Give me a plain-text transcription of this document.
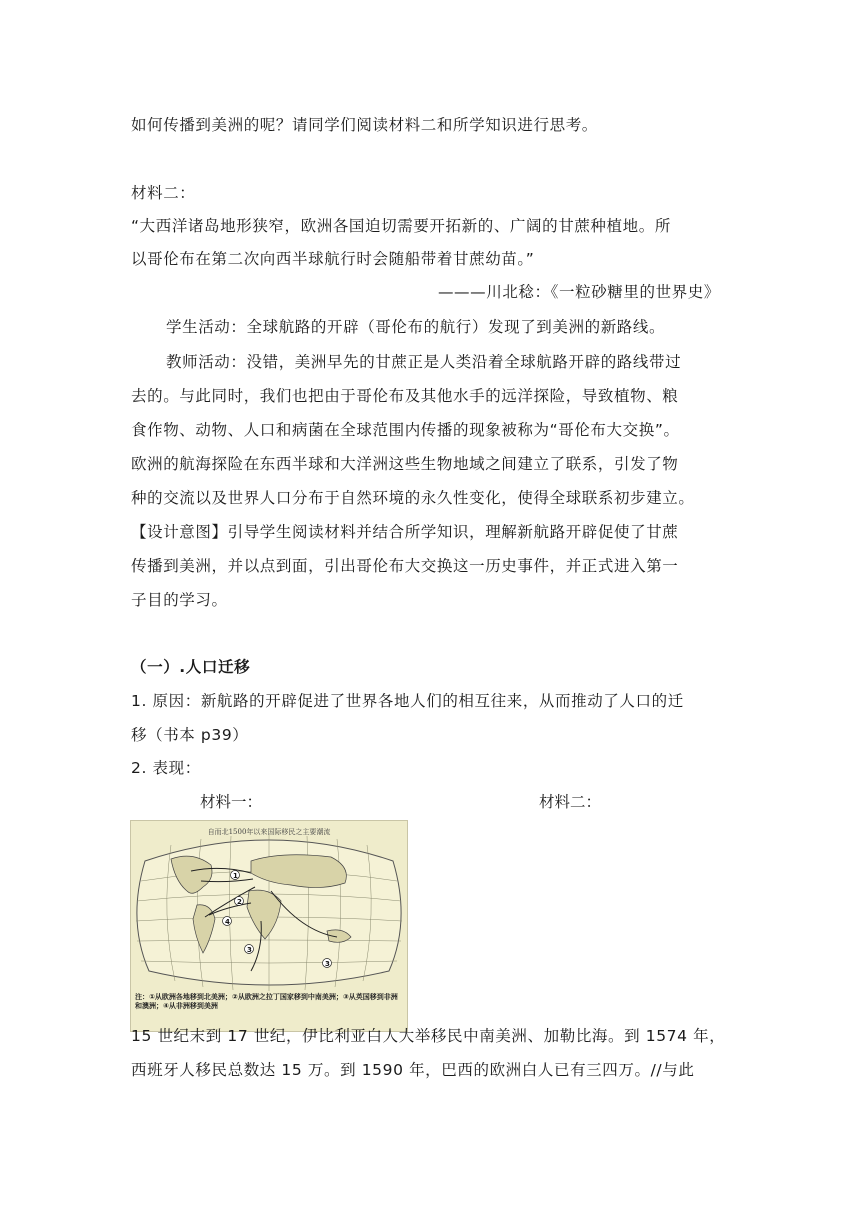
如何传播到美洲的呢？请同学们阅读材料二和所学知识进行思考。
材料二：
“大西洋诸岛地形狭窄，欧洲各国迫切需要开拓新的、广阔的甘蔗种植地。所
以哥伦布在第二次向西半球航行时会随船带着甘蔗幼苗。”
———川北稔：《一粒砂糖里的世界史》
学生活动：全球航路的开辟（哥伦布的航行）发现了到美洲的新路线。
教师活动：没错，美洲早先的甘蔗正是人类沿着全球航路开辟的路线带过
去的。与此同时，我们也把由于哥伦布及其他水手的远洋探险，导致植物、粮
食作物、动物、人口和病菌在全球范围内传播的现象被称为“哥伦布大交换”。
欧洲的航海探险在东西半球和大洋洲这些生物地域之间建立了联系，引发了物
种的交流以及世界人口分布于自然环境的永久性变化，使得全球联系初步建立。
【设计意图】引导学生阅读材料并结合所学知识，理解新航路开辟促使了甘蔗
传播到美洲，并以点到面，引出哥伦布大交换这一历史事件，并正式进入第一
子目的学习。
（一）.人口迁移
1. 原因：新航路的开辟促进了世界各地人们的相互往来，从而推动了人口的迁
移（书本 p39）
2. 表现：
材料一：	材料二：
自而北1500年以来国际移民之主要潮流
1
2
4
3
3
注：①从欧洲各地移到北美洲；②从欧洲之拉丁国家移到中南美洲；③从英国移到非洲和澳洲；④从非洲移到美洲
15 世纪末到 17 世纪，伊比利亚白人大举移民中南美洲、加勒比海。到 1574 年，
西班牙人移民总数达 15 万。到 1590 年，巴西的欧洲白人已有三四万。//与此
